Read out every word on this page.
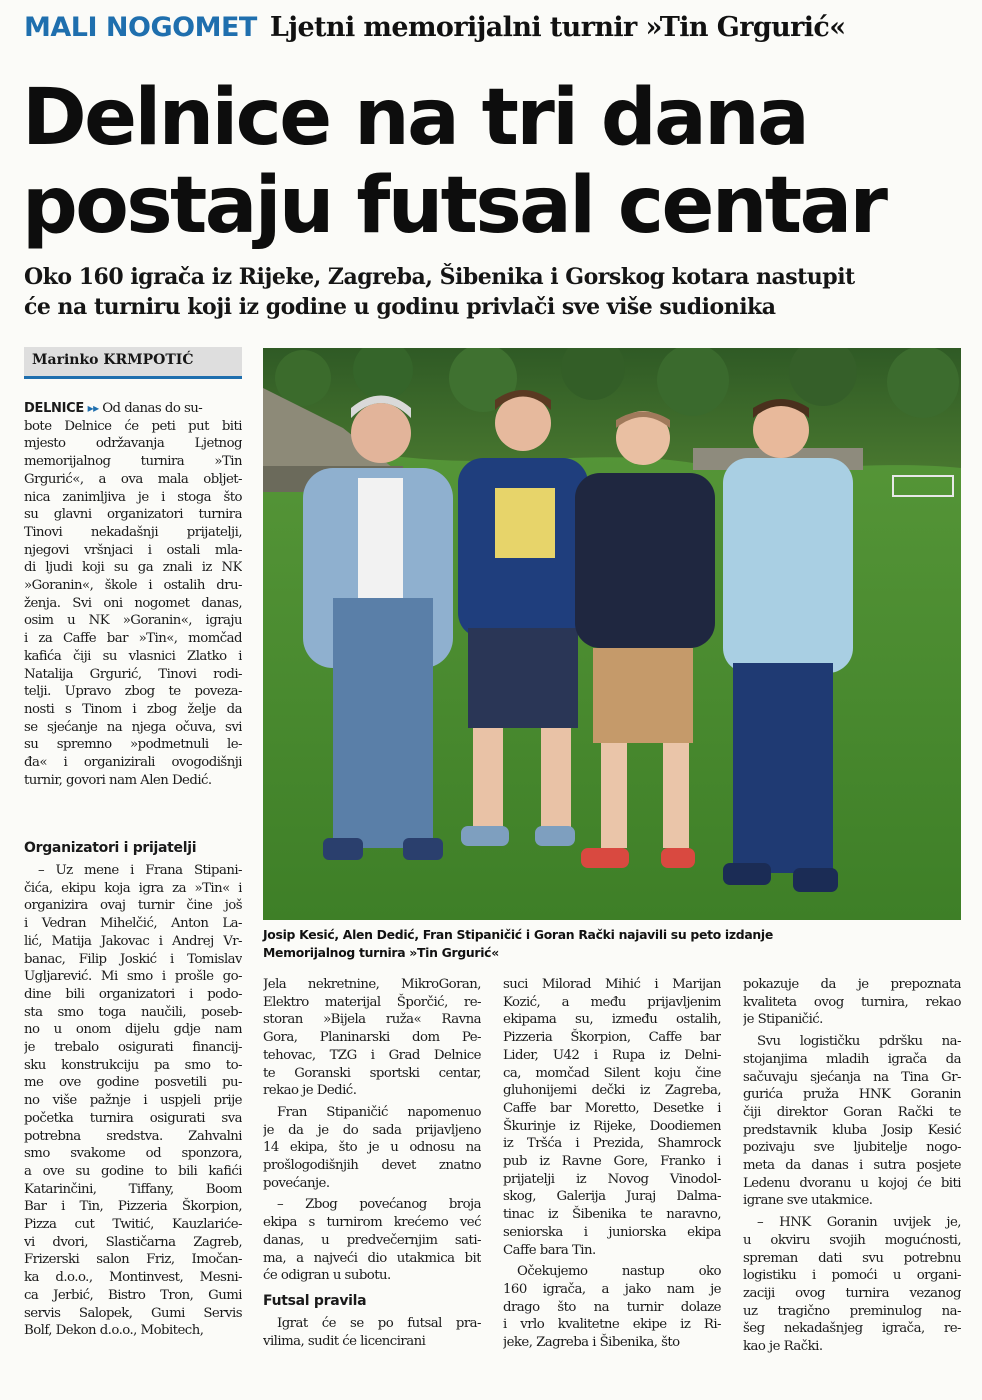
MALI NOGOMET Ljetni memorijalni turnir »Tin Grgurić«
Delnice na tri dana
postaju futsal centar
Oko 160 igrača iz Rijeke, Zagreba, Šibenika i Gorskog kotara nastupit
će na turniru koji iz godine u godinu privlači sve više sudionika
Marinko KRMPOTIĆ
Josip Kesić, Alen Dedić, Fran Stipaničić i Goran Rački najavili su peto izdanje
Memorijalnog turnira »Tin Grgurić«
DELNICE ▸▸ Od danas do su-
bote Delnice će peti put biti
mjesto održavanja Ljetnog
memorijalnog turnira »Tin
Grgurić«, a ova mala oblјet-
nica zanimljiva je i stoga što
su glavni organizatori turnira
Tinovi nekadašnji prijatelji,
njegovi vršnjaci i ostali mla-
di ljudi koji su ga znali iz NK
»Goranin«, škole i ostalih dru-
ženja. Svi oni nogomet danas,
osim u NK »Goranin«, igraju
i za Caffe bar »Tin«, momčad
kafića čiji su vlasnici Zlatko i
Natalija Grgurić, Tinovi rodi-
telji. Upravo zbog te poveza-
nosti s Tinom i zbog želje da
se sjećanje na njega očuva, svi
su spremno »podmetnuli le-
đa« i organizirali ovogodišnji
turnir, govori nam Alen Dedić.
Organizatori i prijatelji
– Uz mene i Frana Stipani-
čića, ekipu koja igra za »Tin« i
organizira ovaj turnir čine još
i Vedran Mihelčić, Anton La-
lić, Matija Jakovac i Andrej Vr-
banac, Filip Joskić i Tomislav
Ugljarević. Mi smo i prošle go-
dine bili organizatori i podo-
sta smo toga naučili, poseb-
no u onom dijelu gdje nam
je trebalo osigurati financij-
sku konstrukciju pa smo to-
me ove godine posvetili pu-
no više pažnje i uspjeli prije
početka turnira osigurati sva
potrebna sredstva. Zahvalni
smo svakome od sponzora,
a ove su godine to bili kafići
Katarinčini, Tiffany, Boom
Bar i Tin, Pizzeria Škorpion,
Pizza cut Twitić, Kauzlariće-
vi dvori, Slastičarna Zagreb,
Frizerski salon Friz, Imočan-
ka d.o.o., Montinvest, Mesni-
ca Jerbić, Bistro Tron, Gumi
servis Salopek, Gumi Servis
Bolf, Dekon d.o.o., Mobitech,
Jela nekretnine, MikroGoran,
Elektro materijal Šporčić, re-
storan »Bijela ruža« Ravna
Gora, Planinarski dom Pe-
tehovac, TZG i Grad Delnice
te Goranski sportski centar,
rekao je Dedić.
Fran Stipaničić napomenuo
je da je do sada prijavljeno
14 ekipa, što je u odnosu na
prošlogodišnjih devet znatno
povećanje.
– Zbog povećanog broja
ekipa s turnirom krećemo već
danas, u predvečernjim sati-
ma, a najveći dio utakmica bit
će odigran u subotu.
Futsal pravila
Igrat će se po futsal pra-
vilima, sudit će licencirani
suci Milorad Mihić i Marijan
Kozić, a među prijavljenim
ekipama su, između ostalih,
Pizzeria Škorpion, Caffe bar
Lider, U42 i Rupa iz Delni-
ca, momčad Silent koju čine
gluhonijemi dečki iz Zagreba,
Caffe bar Moretto, Desetke i
Škurinje iz Rijeke, Doodiemen
iz Tršća i Prezida, Shamrock
pub iz Ravne Gore, Franko i
prijatelji iz Novog Vinodol-
skog, Galerija Juraj Dalma-
tinac iz Šibenika te naravno,
seniorska i juniorska ekipa
Caffe bara Tin.
Očekujemo nastup oko
160 igrača, a jako nam je
drago što na turnir dolaze
i vrlo kvalitetne ekipe iz Ri-
jeke, Zagreba i Šibenika, što
pokazuje da je prepoznata
kvaliteta ovog turnira, rekao
je Stipaničić.
Svu logističku pdršku na-
stojanjima mladih igrača da
sačuvaju sjećanja na Tina Gr-
gurića pruža HNK Goranin
čiji direktor Goran Rački te
predstavnik kluba Josip Kesić
pozivaju sve ljubitelje nogo-
meta da danas i sutra posjete
Ledenu dvoranu u kojoj će biti
igrane sve utakmice.
– HNK Goranin uvijek je,
u okviru svojih mogućnosti,
spreman dati svu potrebnu
logistiku i pomoći u organi-
zaciji ovog turnira vezanog
uz tragično preminulog na-
šeg nekadašnjeg igrača, re-
kao je Rački.
